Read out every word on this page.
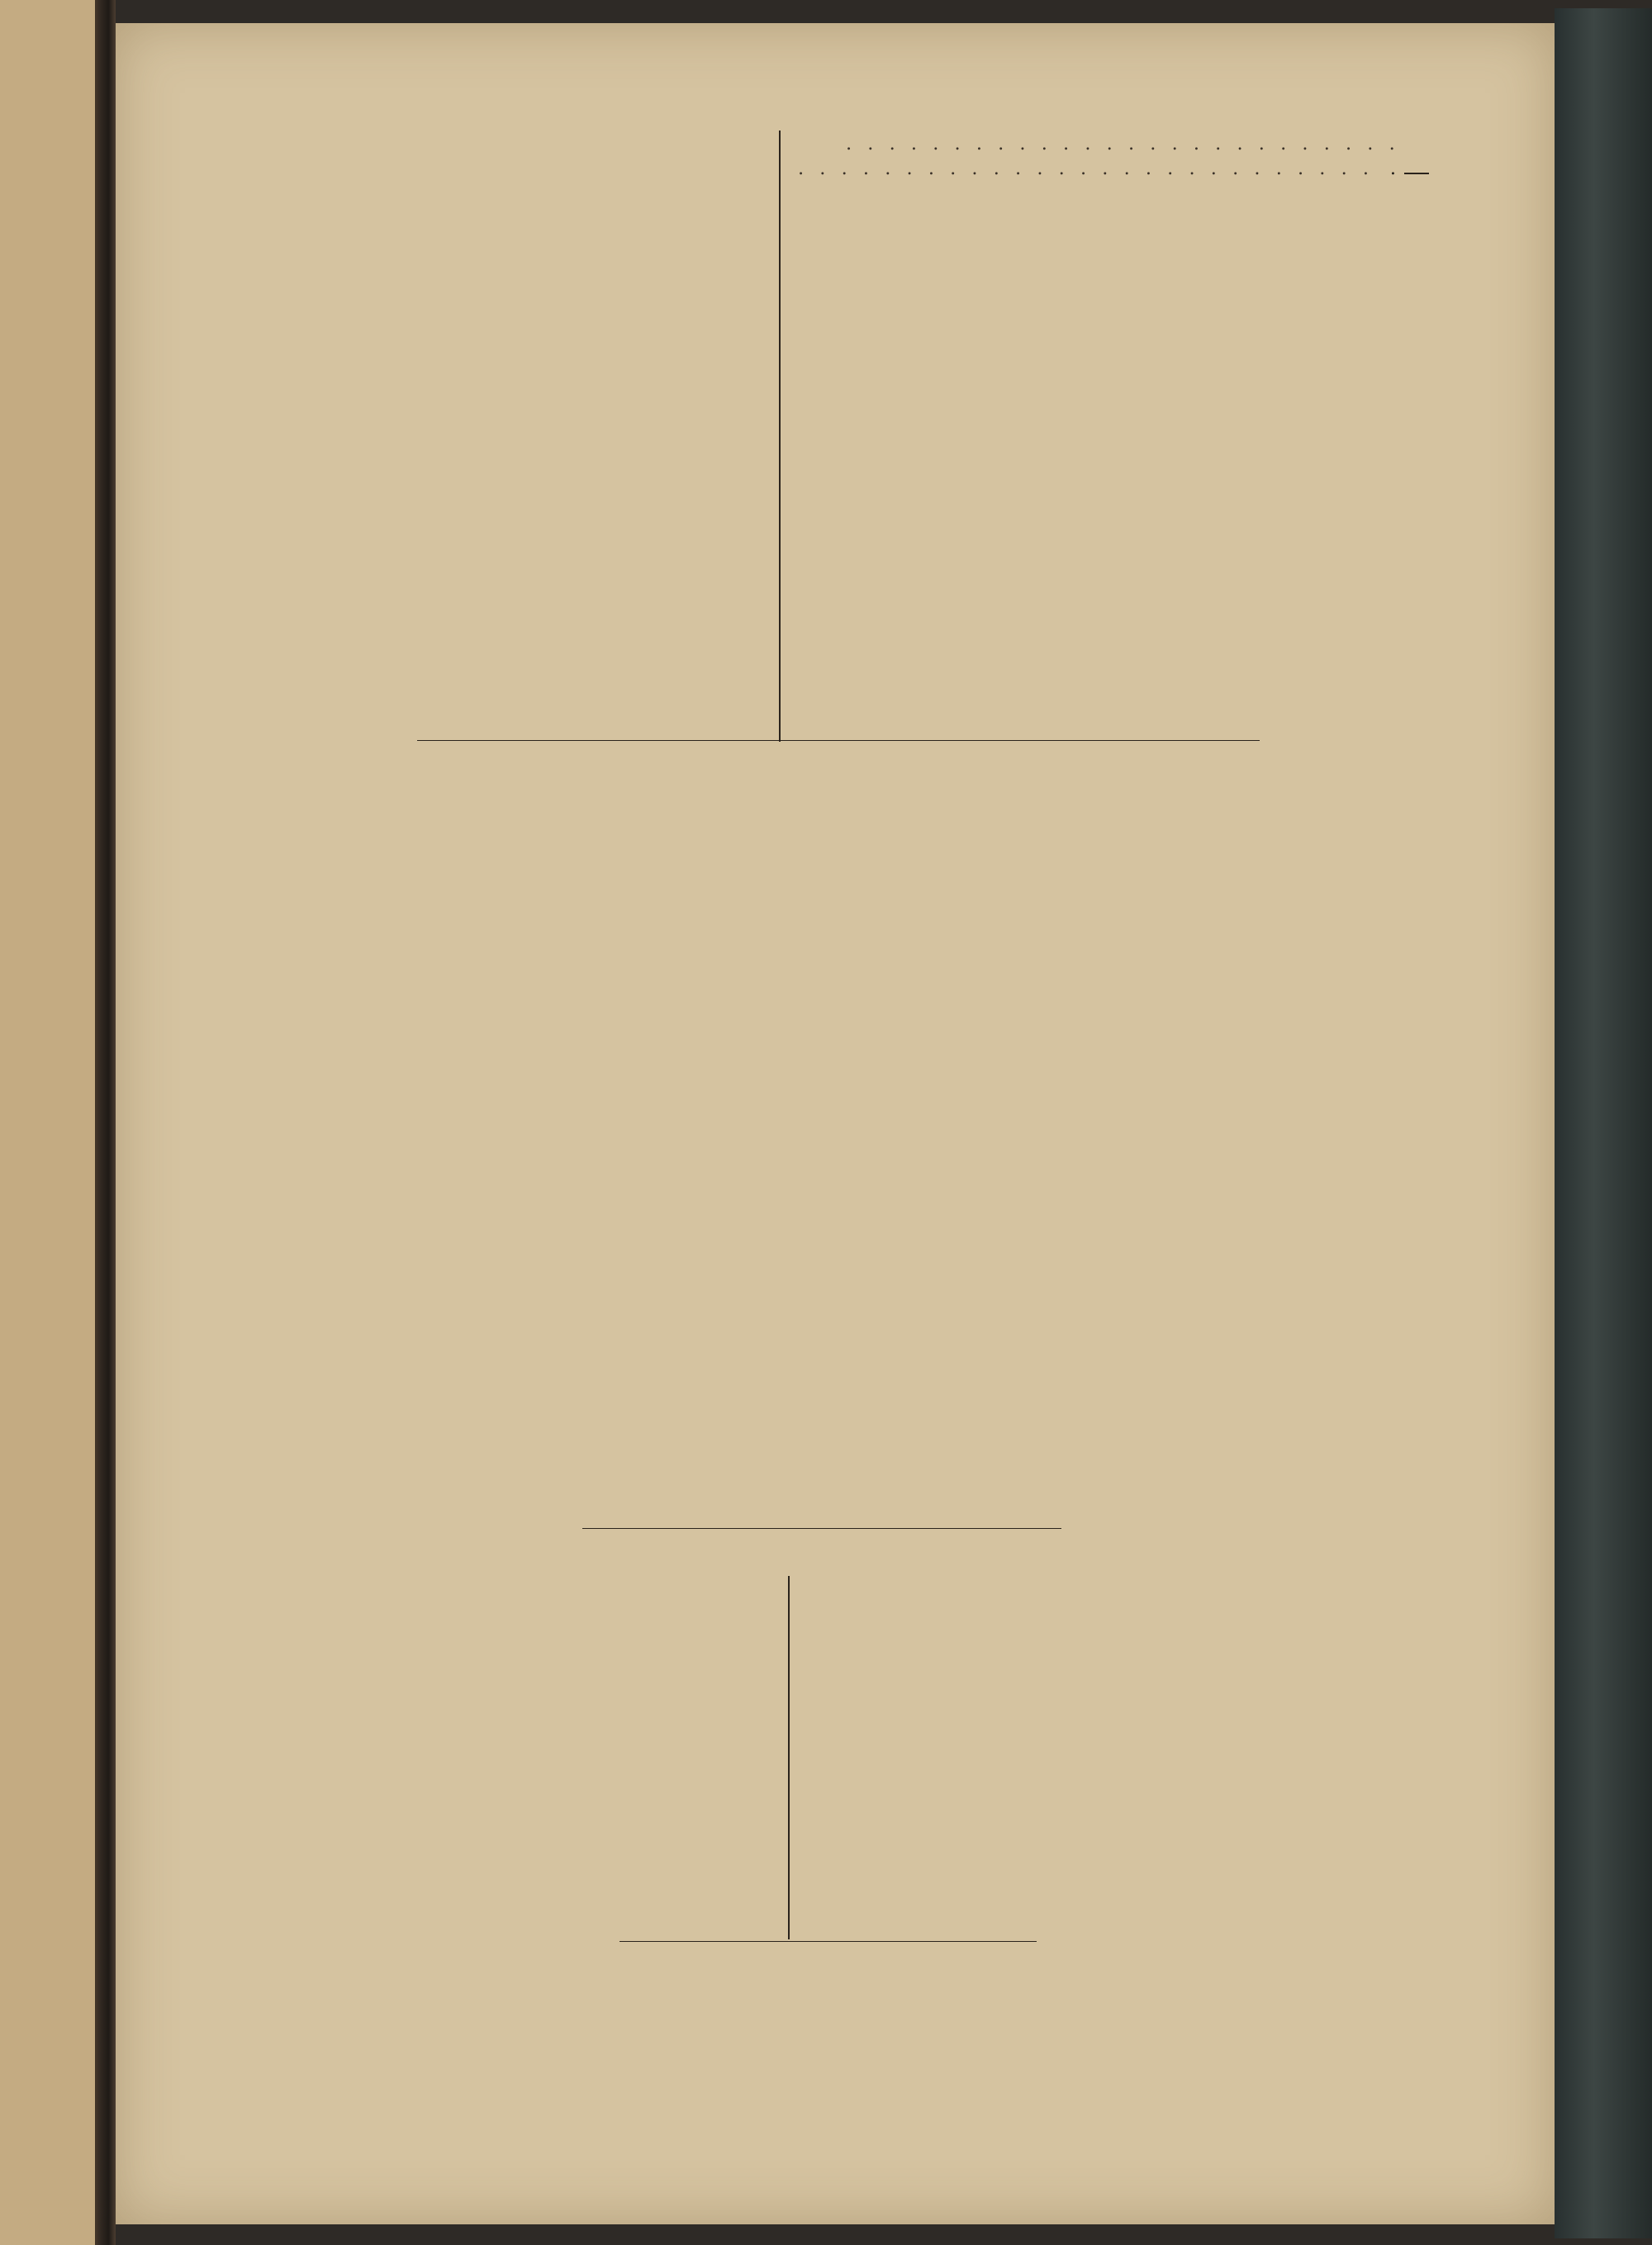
. . .
. . .
.
